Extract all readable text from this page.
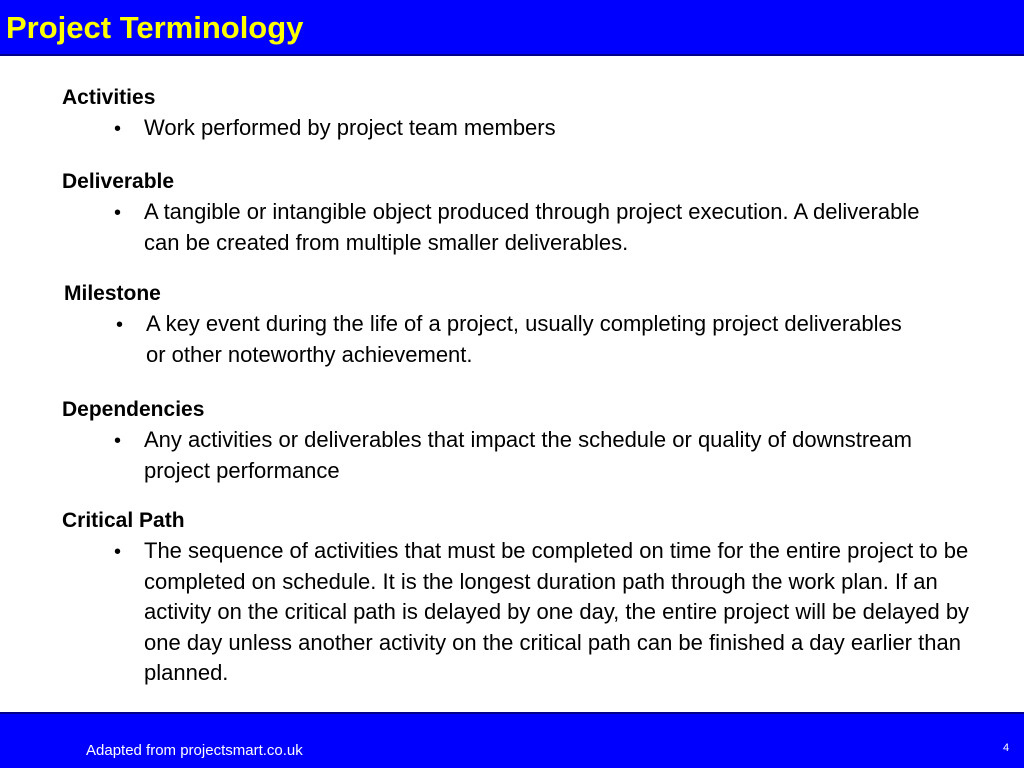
Project Terminology
Activities
• Work performed by project team members
Deliverable
• A tangible or intangible object produced through project execution. A deliverable can be created from multiple smaller deliverables.
Milestone
• A key event during the life of a project, usually completing project deliverables or other noteworthy achievement.
Dependencies
• Any activities or deliverables that impact the schedule or quality of downstream project performance
Critical Path
• The sequence of activities that must be completed on time for the entire project to be completed on schedule. It is the longest duration path through the work plan. If an activity on the critical path is delayed by one day, the entire project will be delayed by one day unless another activity on the critical path can be finished a day earlier than planned.
Adapted from projectsmart.co.uk	4
